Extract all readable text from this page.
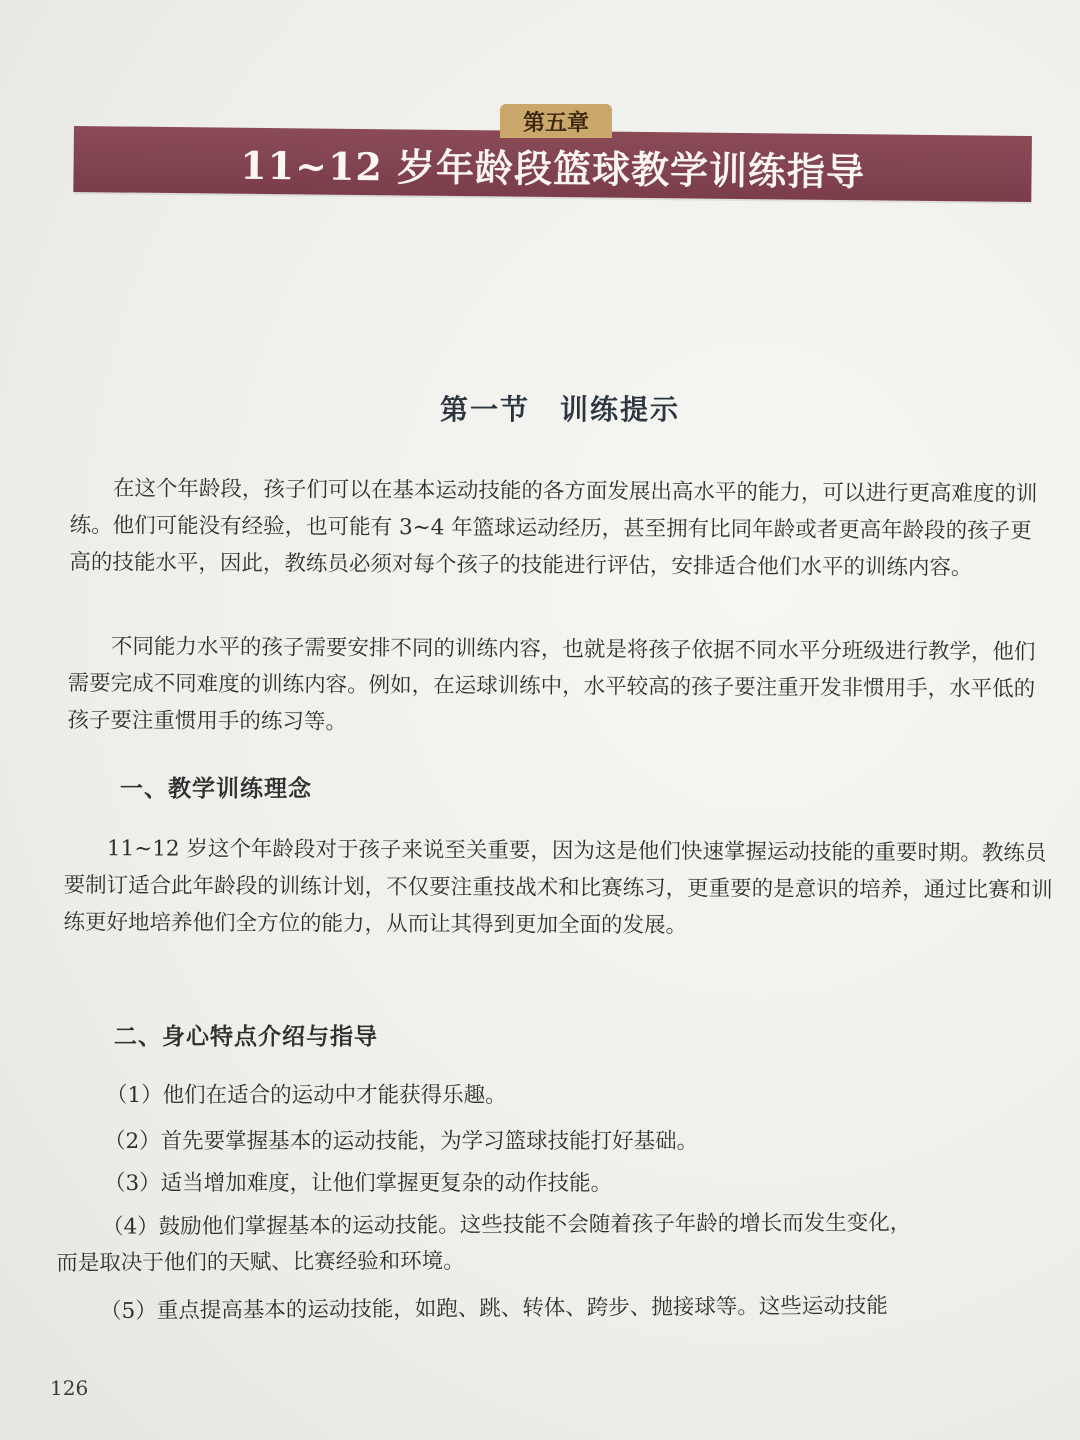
第五章
11~12 岁年龄段篮球教学训练指导
第一节　训练提示

在这个年龄段，孩子们可以在基本运动技能的各方面发展出高水平的能力，可以进行更高难度的训练。他们可能没有经验，也可能有 3~4 年篮球运动经历，甚至拥有比同年龄或者更高年龄段的孩子更高的技能水平，因此，教练员必须对每个孩子的技能进行评估，安排适合他们水平的训练内容。

不同能力水平的孩子需要安排不同的训练内容，也就是将孩子依据不同水平分班级进行教学，他们需要完成不同难度的训练内容。例如，在运球训练中，水平较高的孩子要注重开发非惯用手，水平低的孩子要注重惯用手的练习等。

一、教学训练理念

11~12 岁这个年龄段对于孩子来说至关重要，因为这是他们快速掌握运动技能的重要时期。教练员要制订适合此年龄段的训练计划，不仅要注重技战术和比赛练习，更重要的是意识的培养，通过比赛和训练更好地培养他们全方位的能力，从而让其得到更加全面的发展。

二、身心特点介绍与指导

（1）他们在适合的运动中才能获得乐趣。

（2）首先要掌握基本的运动技能，为学习篮球技能打好基础。

（3）适当增加难度，让他们掌握更复杂的动作技能。

（4）鼓励他们掌握基本的运动技能。这些技能不会随着孩子年龄的增长而发生变化，
而是取决于他们的天赋、比赛经验和环境。

（5）重点提高基本的运动技能，如跑、跳、转体、跨步、抛接球等。这些运动技能

126
